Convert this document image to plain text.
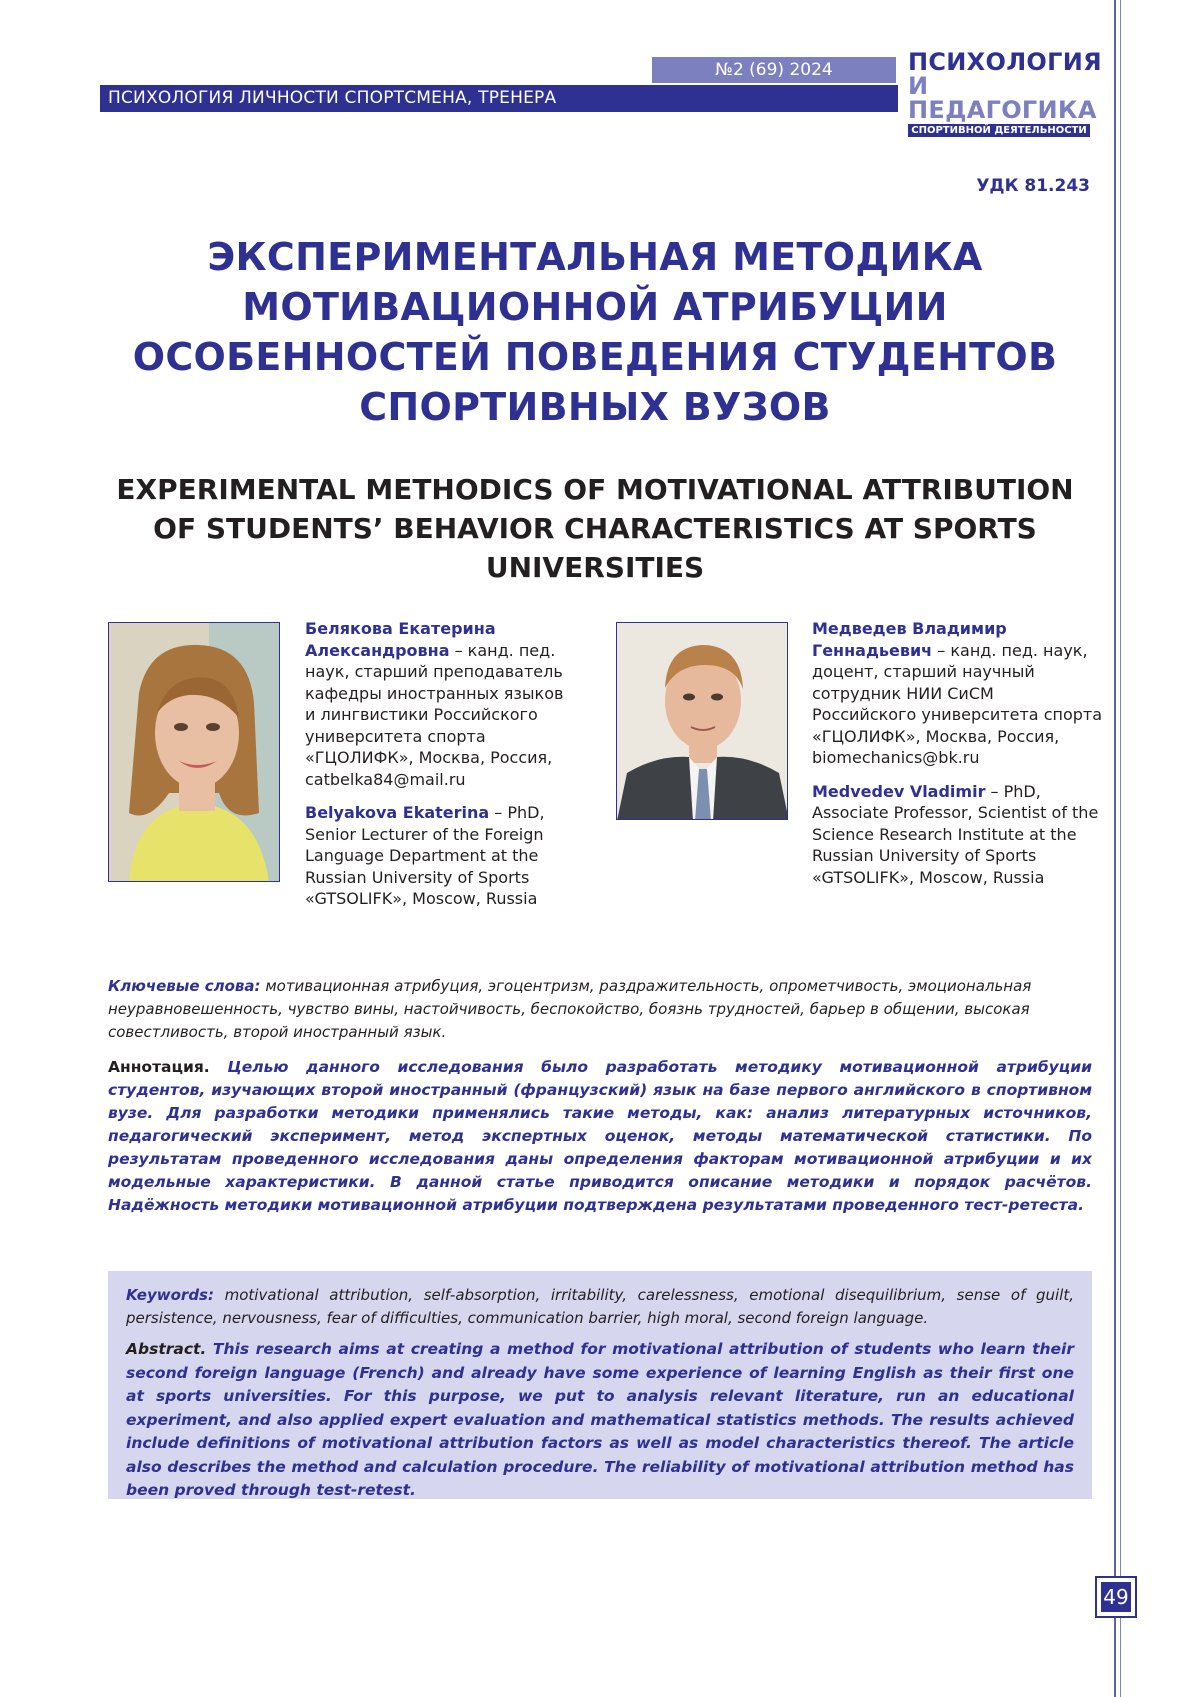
№2 (69) 2024
ПСИХОЛОГИЯ ЛИЧНОСТИ СПОРТСМЕНА, ТРЕНЕРА
ПСИХОЛОГИЯ
И ПЕДАГОГИКА
СПОРТИВНОЙ ДЕЯТЕЛЬНОСТИ
УДК 81.243
ЭКСПЕРИМЕНТАЛЬНАЯ МЕТОДИКА МОТИВАЦИОННОЙ АТРИБУЦИИ ОСОБЕННОСТЕЙ ПОВЕДЕНИЯ СТУДЕНТОВ СПОРТИВНЫХ ВУЗОВ
EXPERIMENTAL METHODICS OF MOTIVATIONAL ATTRIBUTION OF STUDENTS’ BEHAVIOR CHARACTERISTICS AT SPORTS UNIVERSITIES

Белякова Екатерина Александровна – канд. пед. наук, старший преподаватель кафедры иностранных языков и лингвистики Российского университета спорта «ГЦОЛИФК», Москва, Россия, catbelka84@mail.ru

Belyakova Ekaterina – PhD, Senior Lecturer of the Foreign Language Department at the Russian University of Sports «GTSOLIFK», Moscow, Russia

Медведев Владимир Геннадьевич – канд. пед. наук, доцент, старший научный сотрудник НИИ СиСМ Российского университета спорта «ГЦОЛИФК», Москва, Россия, biomechanics@bk.ru

Medvedev Vladimir – PhD, Associate Professor, Scientist of the Science Research Institute at the Russian University of Sports «GTSOLIFK», Moscow, Russia

Ключевые слова: мотивационная атрибуция, эгоцентризм, раздражительность, опрометчивость, эмоциональная неуравновешенность, чувство вины, настойчивость, беспокойство, боязнь трудностей, барьер в общении, высокая совестливость, второй иностранный язык.
Аннотация. Целью данного исследования было разработать методику мотивационной атрибуции студентов, изучающих второй иностранный (французский) язык на базе первого английского в спортивном вузе. Для разработки методики применялись такие методы, как: анализ литературных источников, педагогический эксперимент, метод экспертных оценок, методы математической статистики. По результатам проведенного исследования даны определения факторам мотивационной атрибуции и их модельные характеристики. В данной статье приводится описание методики и порядок расчётов. Надёжность методики мотивационной атрибуции подтверждена результатами проведенного тест-ретеста.
Keywords: motivational attribution, self-absorption, irritability, carelessness, emotional disequilibrium, sense of guilt, persistence, nervousness, fear of difficulties, communication barrier, high moral, second foreign language.
Abstract. This research aims at creating a method for motivational attribution of students who learn their second foreign language (French) and already have some experience of learning English as their first one at sports universities. For this purpose, we put to analysis relevant literature, run an educational experiment, and also applied expert evaluation and mathematical statistics methods. The results achieved include definitions of motivational attribution factors as well as model characteristics thereof. The article also describes the method and calculation procedure. The reliability of motivational attribution method has been proved through test-retest.
49
